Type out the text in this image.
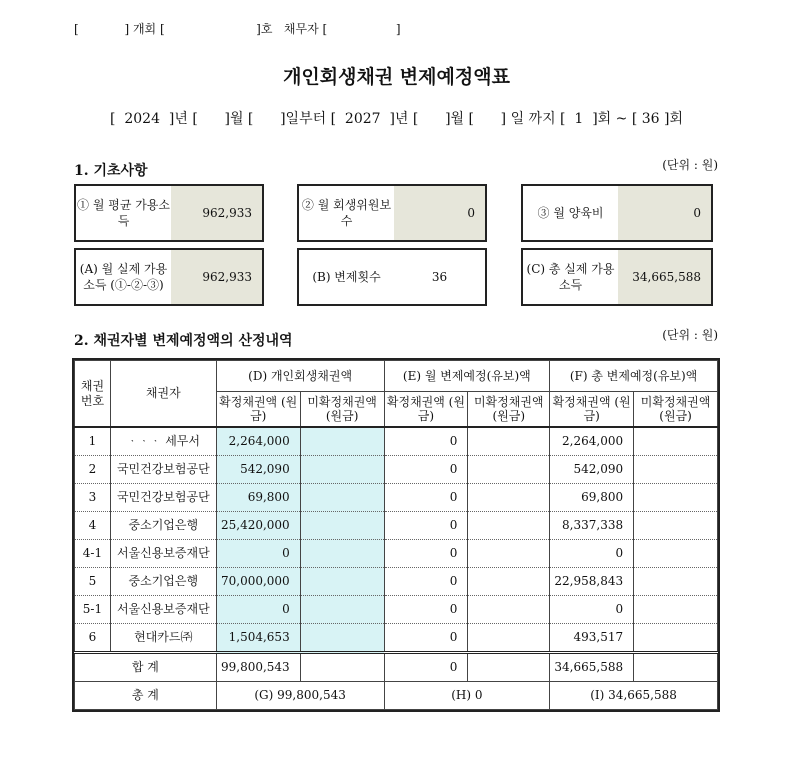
[            ] 개회 [                        ]호   채무자 [                  ]
개인회생채권 변제예정액표
[  2024  ]년 [      ]월 [      ]일부터 [  2027  ]년 [      ]월 [      ] 일 까지 [  1  ]회 ~ [ 36 ]회
1. 기초사항	(단위 : 원)
① 월 평균 가용소득
962,933
② 월 회생위원보수
0	③ 월 양육비	0
(A) 월 실제 가용소득 (①-②-③)
962,933	(B) 변제횟수	36
(C) 총 실제 가용소득
34,665,588
2. 채권자별 변제예정액의 산정내역	(단위 : 원)
채권 번호	채권자	(D) 개인회생채권액		(E) 월 변제예정(유보)액		(F) 총 변제예정(유보)액	
		확정채권액 (원금)	미확정채권액 (원금)	확정채권액 (원금)	미확정채권액 (원금)	확정채권액 (원금)	미확정채권액 (원금)
1	ᆞᆞᆞ 세무서	2,264,000		0		2,264,000	
2	국민건강보험공단	542,090		0		542,090	
3	국민건강보험공단	69,800		0		69,800	
4	중소기업은행	25,420,000		0		8,337,338	
4-1	서울신용보증재단	0		0		0	
5	중소기업은행	70,000,000		0		22,958,843	
5-1	서울신용보증재단	0		0		0	
6	현대카드㈜	1,504,653		0		493,517	
합 계		99,800,543		0		34,665,588	
총 계		(G) 99,800,543		(H) 0		(I) 34,665,588	
